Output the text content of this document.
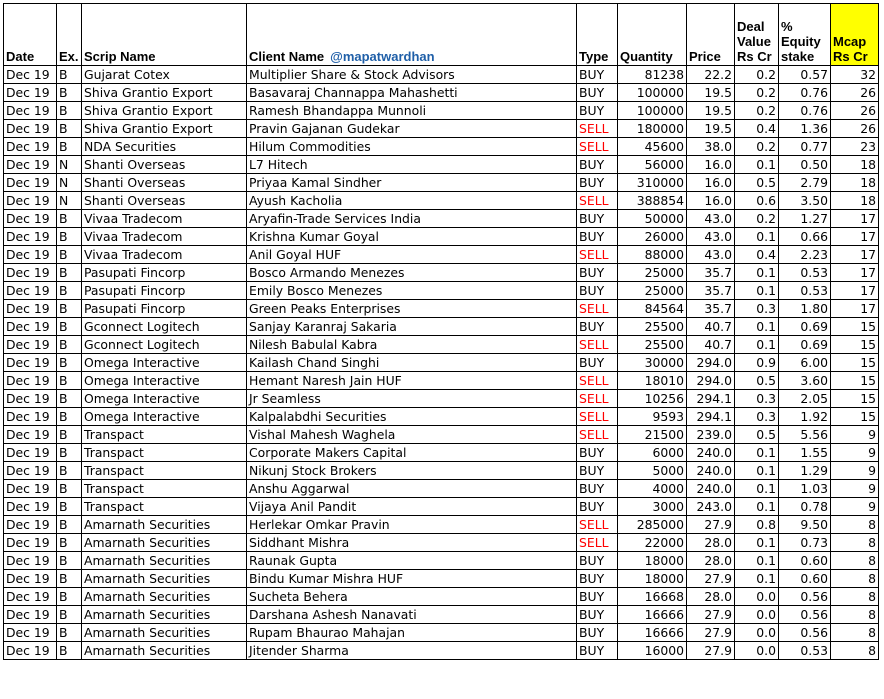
Date	Ex.	Scrip Name	Client Name @mapatwardhan	Type	Quantity	Price	Deal Value Rs Cr	% Equity stake	Mcap Rs Cr
Dec 19	B	Gujarat Cotex	Multiplier Share & Stock Advisors	BUY	81238	22.2	0.2	0.57	32
Dec 19	B	Shiva Grantio Export	Basavaraj Channappa Mahashetti	BUY	100000	19.5	0.2	0.76	26
Dec 19	B	Shiva Grantio Export	Ramesh Bhandappa Munnoli	BUY	100000	19.5	0.2	0.76	26
Dec 19	B	Shiva Grantio Export	Pravin Gajanan Gudekar	SELL	180000	19.5	0.4	1.36	26
Dec 19	B	NDA Securities	Hilum Commodities	SELL	45600	38.0	0.2	0.77	23
Dec 19	N	Shanti Overseas	L7 Hitech	BUY	56000	16.0	0.1	0.50	18
Dec 19	N	Shanti Overseas	Priyaa Kamal Sindher	BUY	310000	16.0	0.5	2.79	18
Dec 19	N	Shanti Overseas	Ayush Kacholia	SELL	388854	16.0	0.6	3.50	18
Dec 19	B	Vivaa Tradecom	Aryafin-Trade Services India	BUY	50000	43.0	0.2	1.27	17
Dec 19	B	Vivaa Tradecom	Krishna Kumar Goyal	BUY	26000	43.0	0.1	0.66	17
Dec 19	B	Vivaa Tradecom	Anil Goyal HUF	SELL	88000	43.0	0.4	2.23	17
Dec 19	B	Pasupati Fincorp	Bosco Armando Menezes	BUY	25000	35.7	0.1	0.53	17
Dec 19	B	Pasupati Fincorp	Emily Bosco Menezes	BUY	25000	35.7	0.1	0.53	17
Dec 19	B	Pasupati Fincorp	Green Peaks Enterprises	SELL	84564	35.7	0.3	1.80	17
Dec 19	B	Gconnect Logitech	Sanjay Karanraj Sakaria	BUY	25500	40.7	0.1	0.69	15
Dec 19	B	Gconnect Logitech	Nilesh Babulal Kabra	SELL	25500	40.7	0.1	0.69	15
Dec 19	B	Omega Interactive	Kailash Chand Singhi	BUY	30000	294.0	0.9	6.00	15
Dec 19	B	Omega Interactive	Hemant Naresh Jain HUF	SELL	18010	294.0	0.5	3.60	15
Dec 19	B	Omega Interactive	Jr Seamless	SELL	10256	294.1	0.3	2.05	15
Dec 19	B	Omega Interactive	Kalpalabdhi Securities	SELL	9593	294.1	0.3	1.92	15
Dec 19	B	Transpact	Vishal Mahesh Waghela	SELL	21500	239.0	0.5	5.56	9
Dec 19	B	Transpact	Corporate Makers Capital	BUY	6000	240.0	0.1	1.55	9
Dec 19	B	Transpact	Nikunj Stock Brokers	BUY	5000	240.0	0.1	1.29	9
Dec 19	B	Transpact	Anshu Aggarwal	BUY	4000	240.0	0.1	1.03	9
Dec 19	B	Transpact	Vijaya Anil Pandit	BUY	3000	243.0	0.1	0.78	9
Dec 19	B	Amarnath Securities	Herlekar Omkar Pravin	SELL	285000	27.9	0.8	9.50	8
Dec 19	B	Amarnath Securities	Siddhant Mishra	SELL	22000	28.0	0.1	0.73	8
Dec 19	B	Amarnath Securities	Raunak Gupta	BUY	18000	28.0	0.1	0.60	8
Dec 19	B	Amarnath Securities	Bindu Kumar Mishra HUF	BUY	18000	27.9	0.1	0.60	8
Dec 19	B	Amarnath Securities	Sucheta Behera	BUY	16668	28.0	0.0	0.56	8
Dec 19	B	Amarnath Securities	Darshana Ashesh Nanavati	BUY	16666	27.9	0.0	0.56	8
Dec 19	B	Amarnath Securities	Rupam Bhaurao Mahajan	BUY	16666	27.9	0.0	0.56	8
Dec 19	B	Amarnath Securities	Jitender Sharma	BUY	16000	27.9	0.0	0.53	8
